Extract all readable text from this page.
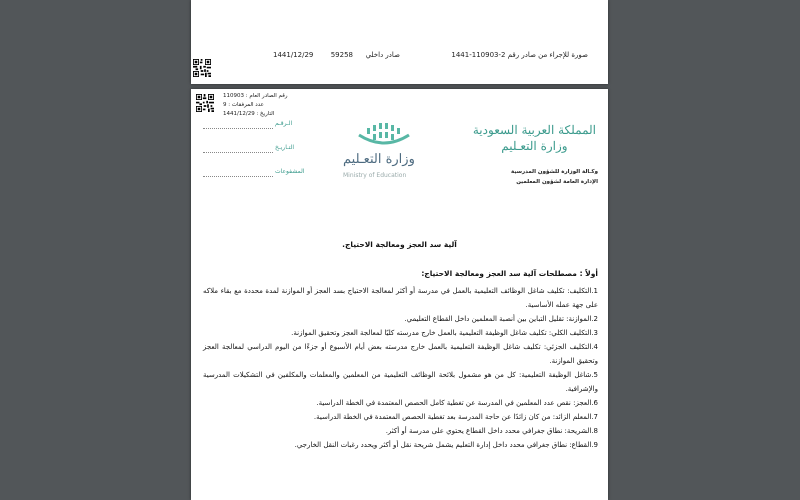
صورة للإجراء من صادر رقم 2-110903-1441
صادر داخلي
59258
1441/12/29
رقم الصادر العام : 110903
عدد المرفقات : 9
التاريخ : 1441/12/29
الـرقـم
التـاريـخ
المشفوعات
وزارة التعـليم
Ministry of Education
المملكة العربية السعودية
وزارة التعـليم
وكـالة الوزارة للشؤون المدرسية
الإدارة العامة لشؤون المعلمين
آلية سد العجز ومعالجة الاحتياج.
أولاً : مصطلحات آلية سد العجز ومعالجة الاحتياج:

1.التكليف: تكليف شاغل الوظائف التعليمية بالعمل في مدرسة أو أكثر لمعالجة الاحتياج بسد العجز أو الموازنة لمدة محددة مع بقاء ملاكه على جهة عمله الأساسية.

2.الموازنة: تقليل التباين بين أنصبة المعلمين داخل القطاع التعليمي.

3.التكليف الكلي: تكليف شاغل الوظيفة التعليمية بالعمل خارج مدرسته كليًا لمعالجة العجز وتحقيق الموازنة.

4.التكليف الجزئي: تكليف شاغل الوظيفة التعليمية بالعمل خارج مدرسته بعض أيام الأسبوع أو جزءًا من اليوم الدراسي لمعالجة العجز وتحقيق الموازنة.

5.شاغل الوظيفة التعليمية: كل من هو مشمول بلائحة الوظائف التعليمية من المعلمين والمعلمات والمكلفين في التشكيلات المدرسية والإشرافية.

6.العجز: نقص عدد المعلمين في المدرسة عن تغطية كامل الحصص المعتمدة في الخطة الدراسية.

7.المعلم الزائد: من كان زائدًا عن حاجة المدرسة بعد تغطية الحصص المعتمدة في الخطة الدراسية.

8.الشريحة: نطاق جغرافي محدد داخل القطاع يحتوي على مدرسة أو أكثر.

9.القطاع: نطاق جغرافي محدد داخل إدارة التعليم يشمل شريحة نقل أو أكثر ويحدد رغبات النقل الخارجي.
